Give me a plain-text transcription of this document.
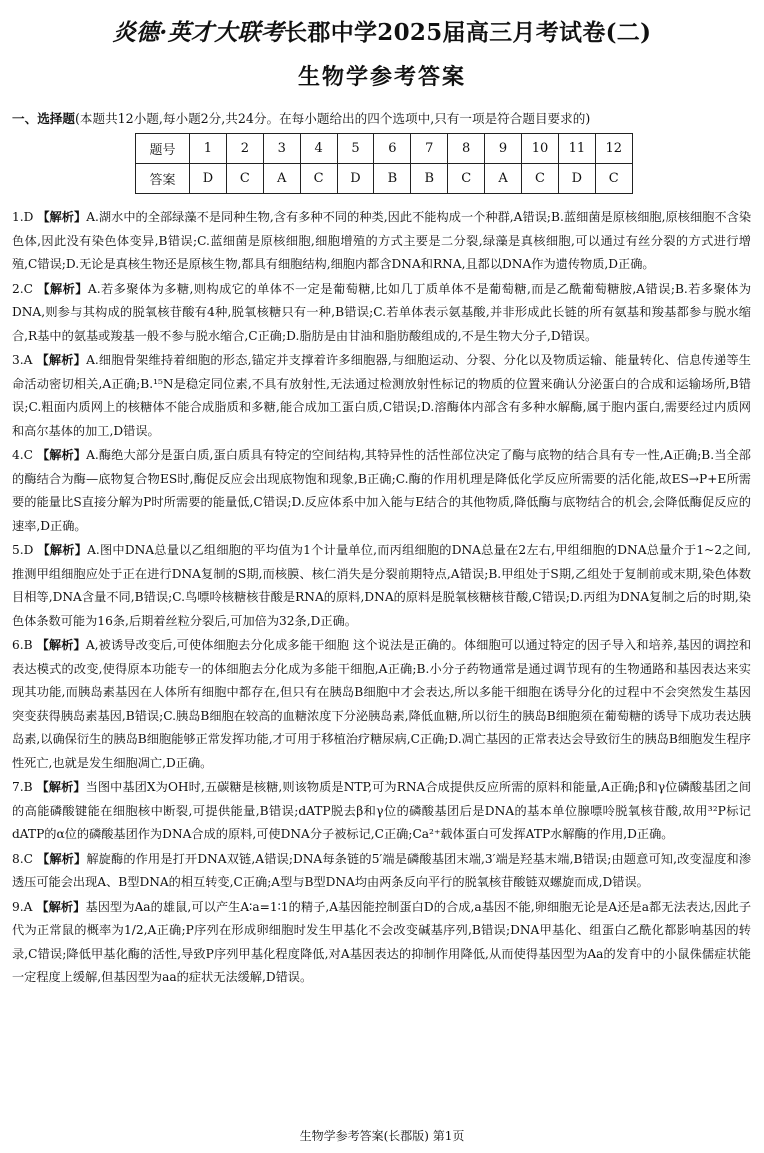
炎德·英才大联考长郡中学2025届高三月考试卷(二)
生物学参考答案
一、选择题(本题共12小题,每小题2分,共24分。在每小题给出的四个选项中,只有一项是符合题目要求的)
题号	1	2	3	4	5	6	7	8	9	10	11	12
答案	D	C	A	C	D	B	B	C	A	C	D	C
1.D 【解析】A.湖水中的全部绿藻不是同种生物,含有多种不同的种类,因此不能构成一个种群,A错误;B.蓝细菌是原核细胞,原核细胞不含染色体,因此没有染色体变异,B错误;C.蓝细菌是原核细胞,细胞增殖的方式主要是二分裂,绿藻是真核细胞,可以通过有丝分裂的方式进行增殖,C错误;D.无论是真核生物还是原核生物,都具有细胞结构,细胞内都含DNA和RNA,且都以DNA作为遗传物质,D正确。
2.C 【解析】A.若多聚体为多糖,则构成它的单体不一定是葡萄糖,比如几丁质单体不是葡萄糖,而是乙酰葡萄糖胺,A错误;B.若多聚体为DNA,则参与其构成的脱氧核苷酸有4种,脱氧核糖只有一种,B错误;C.若单体表示氨基酸,并非形成此长链的所有氨基和羧基都参与脱水缩合,R基中的氨基或羧基一般不参与脱水缩合,C正确;D.脂肪是由甘油和脂肪酸组成的,不是生物大分子,D错误。
3.A 【解析】A.细胞骨架维持着细胞的形态,锚定并支撑着许多细胞器,与细胞运动、分裂、分化以及物质运输、能量转化、信息传递等生命活动密切相关,A正确;B.¹⁵N是稳定同位素,不具有放射性,无法通过检测放射性标记的物质的位置来确认分泌蛋白的合成和运输场所,B错误;C.粗面内质网上的核糖体不能合成脂质和多糖,能合成加工蛋白质,C错误;D.溶酶体内部含有多种水解酶,属于胞内蛋白,需要经过内质网和高尔基体的加工,D错误。
4.C 【解析】A.酶绝大部分是蛋白质,蛋白质具有特定的空间结构,其特异性的活性部位决定了酶与底物的结合具有专一性,A正确;B.当全部的酶结合为酶—底物复合物ES时,酶促反应会出现底物饱和现象,B正确;C.酶的作用机理是降低化学反应所需要的活化能,故ES→P+E所需要的能量比S直接分解为P时所需要的能量低,C错误;D.反应体系中加入能与E结合的其他物质,降低酶与底物结合的机会,会降低酶促反应的速率,D正确。
5.D 【解析】A.图中DNA总量以乙组细胞的平均值为1个计量单位,而丙组细胞的DNA总量在2左右,甲组细胞的DNA总量介于1~2之间,推测甲组细胞应处于正在进行DNA复制的S期,而核膜、核仁消失是分裂前期特点,A错误;B.甲组处于S期,乙组处于复制前或末期,染色体数目相等,DNA含量不同,B错误;C.鸟嘌呤核糖核苷酸是RNA的原料,DNA的原料是脱氧核糖核苷酸,C错误;D.丙组为DNA复制之后的时期,染色体条数可能为16条,后期着丝粒分裂后,可加倍为32条,D正确。
6.B 【解析】A,被诱导改变后,可使体细胞去分化成多能干细胞 这个说法是正确的。体细胞可以通过特定的因子导入和培养,基因的调控和表达模式的改变,使得原本功能专一的体细胞去分化成为多能干细胞,A正确;B.小分子药物通常是通过调节现有的生物通路和基因表达来实现其功能,而胰岛素基因在人体所有细胞中都存在,但只有在胰岛B细胞中才会表达,所以多能干细胞在诱导分化的过程中不会突然发生基因突变获得胰岛素基因,B错误;C.胰岛B细胞在较高的血糖浓度下分泌胰岛素,降低血糖,所以衍生的胰岛B细胞须在葡萄糖的诱导下成功表达胰岛素,以确保衍生的胰岛B细胞能够正常发挥功能,才可用于移植治疗糖尿病,C正确;D.凋亡基因的正常表达会导致衍生的胰岛B细胞发生程序性死亡,也就是发生细胞凋亡,D正确。
7.B 【解析】当图中基团X为OH时,五碳糖是核糖,则该物质是NTP,可为RNA合成提供反应所需的原料和能量,A正确;β和γ位磷酸基团之间的高能磷酸键能在细胞核中断裂,可提供能量,B错误;dATP脱去β和γ位的磷酸基团后是DNA的基本单位腺嘌呤脱氧核苷酸,故用³²P标记dATP的α位的磷酸基团作为DNA合成的原料,可使DNA分子被标记,C正确;Ca²⁺载体蛋白可发挥ATP水解酶的作用,D正确。
8.C 【解析】解旋酶的作用是打开DNA双链,A错误;DNA每条链的5′端是磷酸基团末端,3′端是羟基末端,B错误;由题意可知,改变湿度和渗透压可能会出现A、B型DNA的相互转变,C正确;A型与B型DNA均由两条反向平行的脱氧核苷酸链双螺旋而成,D错误。
9.A 【解析】基因型为Aa的雄鼠,可以产生A∶a=1∶1的精子,A基因能控制蛋白D的合成,a基因不能,卵细胞无论是A还是a都无法表达,因此子代为正常鼠的概率为1/2,A正确;P序列在形成卵细胞时发生甲基化不会改变碱基序列,B错误;DNA甲基化、组蛋白乙酰化都影响基因的转录,C错误;降低甲基化酶的活性,导致P序列甲基化程度降低,对A基因表达的抑制作用降低,从而使得基因型为Aa的发育中的小鼠侏儒症状能一定程度上缓解,但基因型为aa的症状无法缓解,D错误。
生物学参考答案(长郡版) 第1页
